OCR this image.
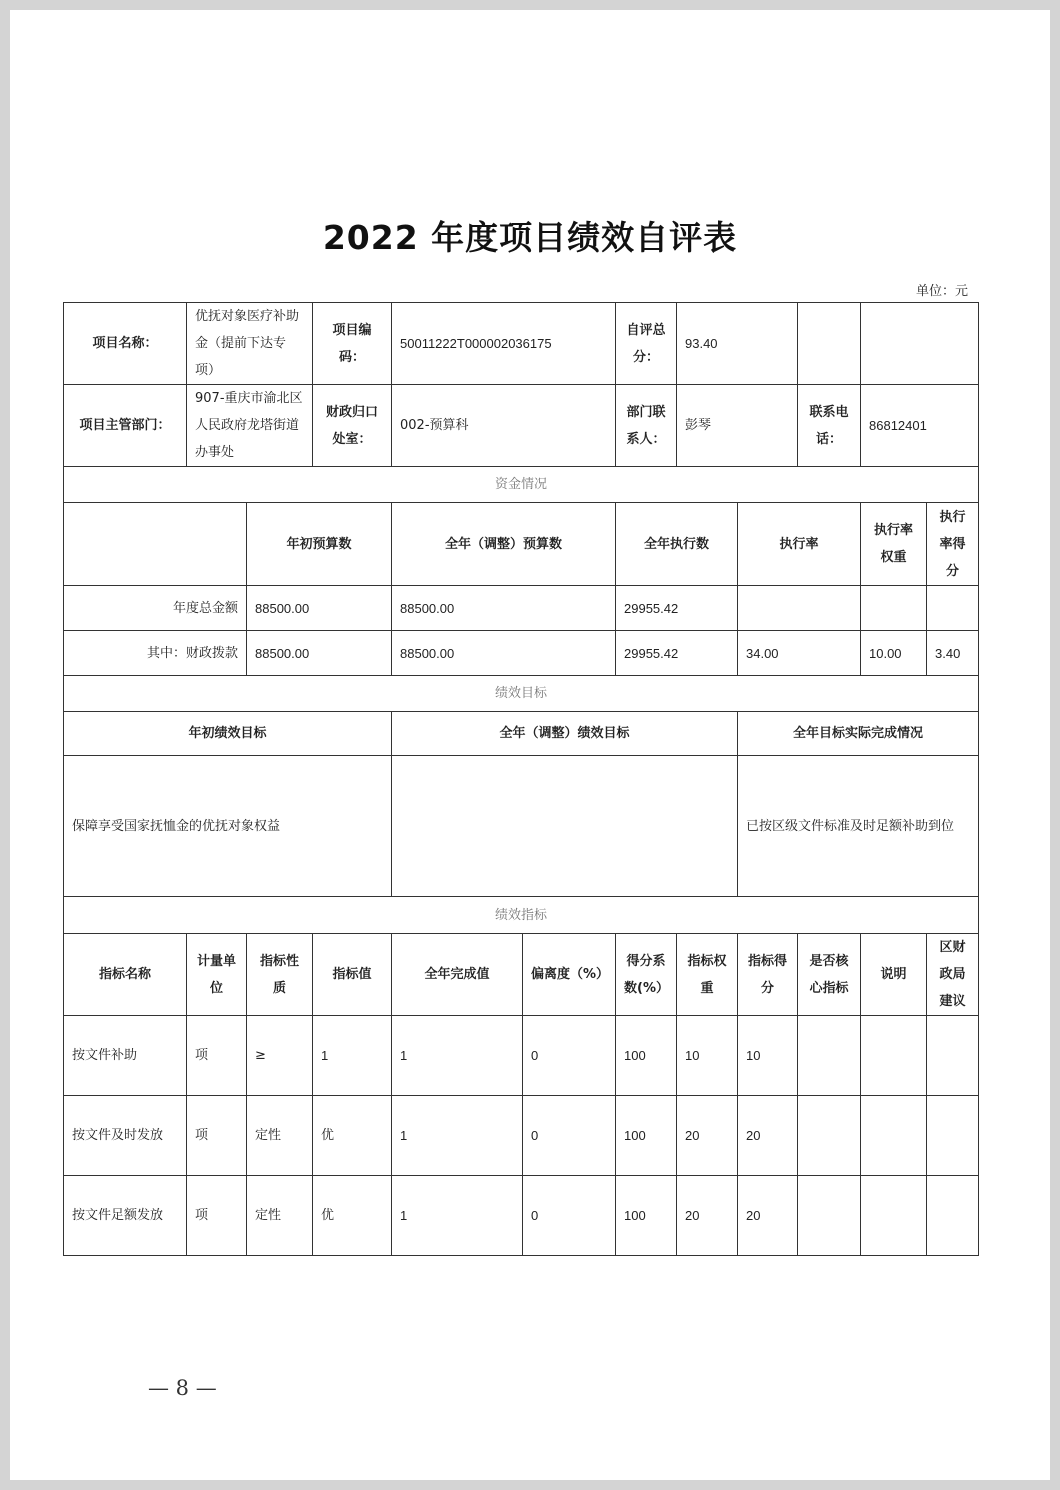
2022 年度项目绩效自评表
单位：元
项目名称：	优抚对象医疗补助金（提前下达专项）	项目编码：	50011222T000002036175	自评总分：	93.40		
项目主管部门：	907-重庆市渝北区人民政府龙塔街道办事处	财政归口处室：	002-预算科	部门联系人：	彭琴	联系电话：	86812401
资金情况							
	年初预算数	全年（调整）预算数	全年执行数	执行率	执行率权重	执行率得分
年度总金额	88500.00	88500.00	29955.42			
其中：财政拨款	88500.00	88500.00	29955.42	34.00	10.00	3.40
绩效目标						
年初绩效目标	全年（调整）绩效目标	全年目标实际完成情况
保障享受国家抚恤金的优抚对象权益		已按区级文件标准及时足额补助到位
绩效指标		
指标名称	计量单位	指标性质	指标值	全年完成值	偏离度（%）	得分系数(%）	指标权重	指标得分	是否核心指标	说明	区财政局建议
按文件补助	项	≥	1	1	0	100	10	10			
按文件及时发放	项	定性	优	1	0	100	20	20			
按文件足额发放	项	定性	优	1	0	100	20	20			
— 8 —
